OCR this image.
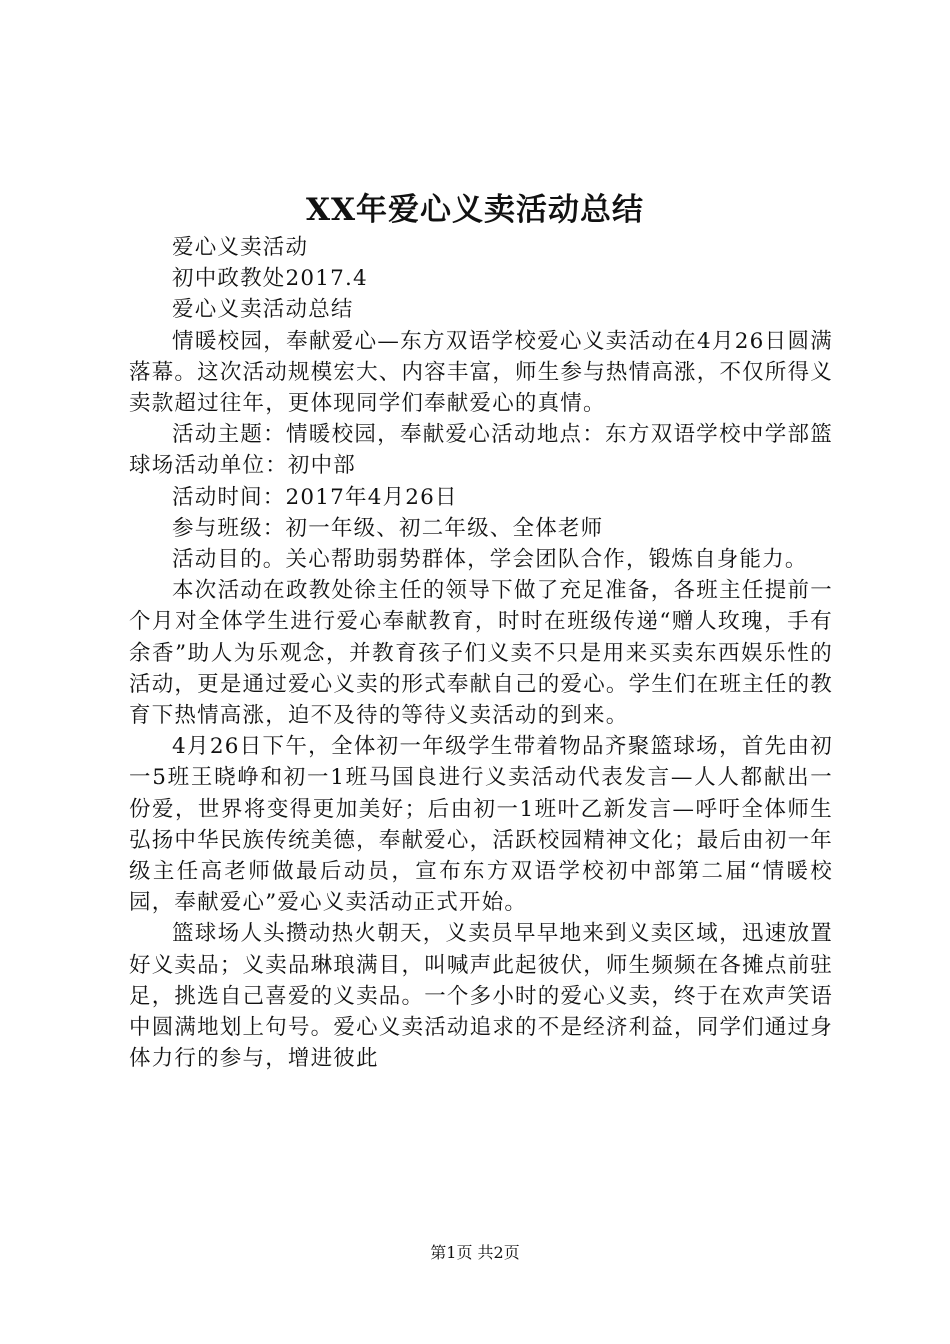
XX年爱心义卖活动总结

爱心义卖活动

初中政教处2017.4

爱心义卖活动总结

情暖校园，奉献爱心—东方双语学校爱心义卖活动在4月26日圆满落幕。这次活动规模宏大、内容丰富，师生参与热情高涨，不仅所得义卖款超过往年，更体现同学们奉献爱心的真情。

活动主题：情暖校园，奉献爱心活动地点：东方双语学校中学部篮球场活动单位：初中部

活动时间：2017年4月26日

参与班级：初一年级、初二年级、全体老师

活动目的。关心帮助弱势群体，学会团队合作，锻炼自身能力。

本次活动在政教处徐主任的领导下做了充足准备，各班主任提前一个月对全体学生进行爱心奉献教育，时时在班级传递“赠人玫瑰，手有余香”助人为乐观念，并教育孩子们义卖不只是用来买卖东西娱乐性的活动，更是通过爱心义卖的形式奉献自己的爱心。学生们在班主任的教育下热情高涨，迫不及待的等待义卖活动的到来。

4月26日下午，全体初一年级学生带着物品齐聚篮球场，首先由初一5班王晓峥和初一1班马国良进行义卖活动代表发言—人人都献出一份爱，世界将变得更加美好；后由初一1班叶乙新发言—呼吁全体师生弘扬中华民族传统美德，奉献爱心，活跃校园精神文化；最后由初一年级主任高老师做最后动员，宣布东方双语学校初中部第二届“情暖校园，奉献爱心”爱心义卖活动正式开始。

篮球场人头攒动热火朝天，义卖员早早地来到义卖区域，迅速放置好义卖品；义卖品琳琅满目，叫喊声此起彼伏，师生频频在各摊点前驻足，挑选自己喜爱的义卖品。一个多小时的爱心义卖，终于在欢声笑语中圆满地划上句号。爱心义卖活动追求的不是经济利益，同学们通过身体力行的参与，增进彼此

第1页 共2页
